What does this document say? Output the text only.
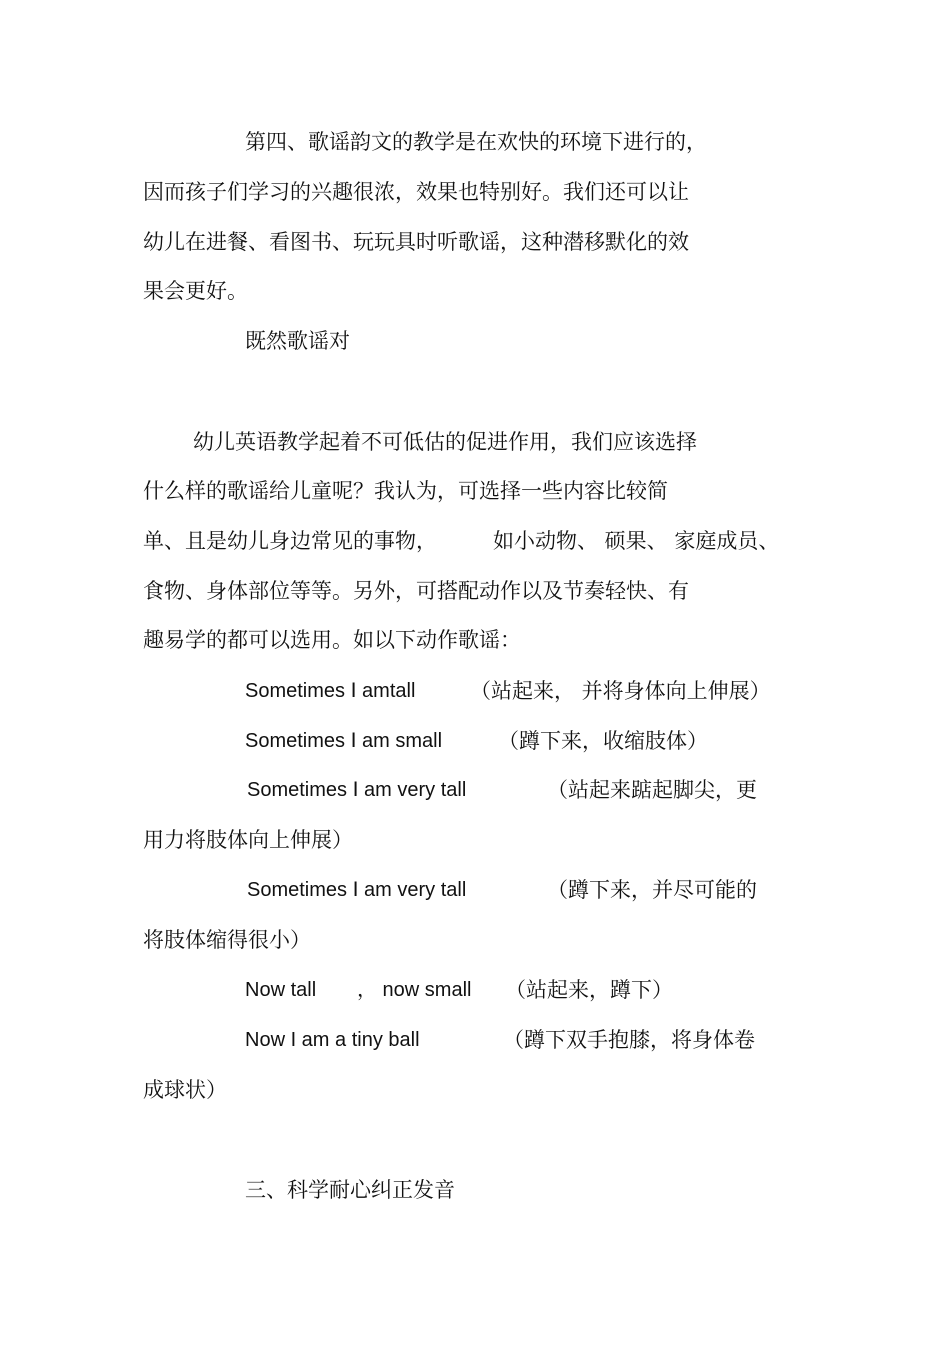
第四、歌谣韵文的教学是在欢快的环境下进行的，
因而孩子们学习的兴趣很浓，效果也特别好。我们还可以让
幼儿在进餐、看图书、玩玩具时听歌谣，这种潜移默化的效
果会更好。
既然歌谣对
幼儿英语教学起着不可低估的促进作用，我们应该选择
什么样的歌谣给儿童呢？我认为，可选择一些内容比较简
单、且是幼儿身边常见的事物，	如小动物、 硕果、 家庭成员、
食物、身体部位等等。另外，可搭配动作以及节奏轻快、有
趣易学的都可以选用。如以下动作歌谣：
Sometimes Ⅰ amtall	（站起来， 并将身体向上伸展）
Sometimes Ⅰ am small	（蹲下来，收缩肢体）
Sometimes Ⅰ am very tall	（站起来踮起脚尖，更
用力将肢体向上伸展）
Sometimes Ⅰ am very tall	（蹲下来，并尽可能的
将肢体缩得很小）
Now tall ， now small （站起来，蹲下）
Now I am a tiny ball	（蹲下双手抱膝，将身体卷
成球状）
三、科学耐心纠正发音
